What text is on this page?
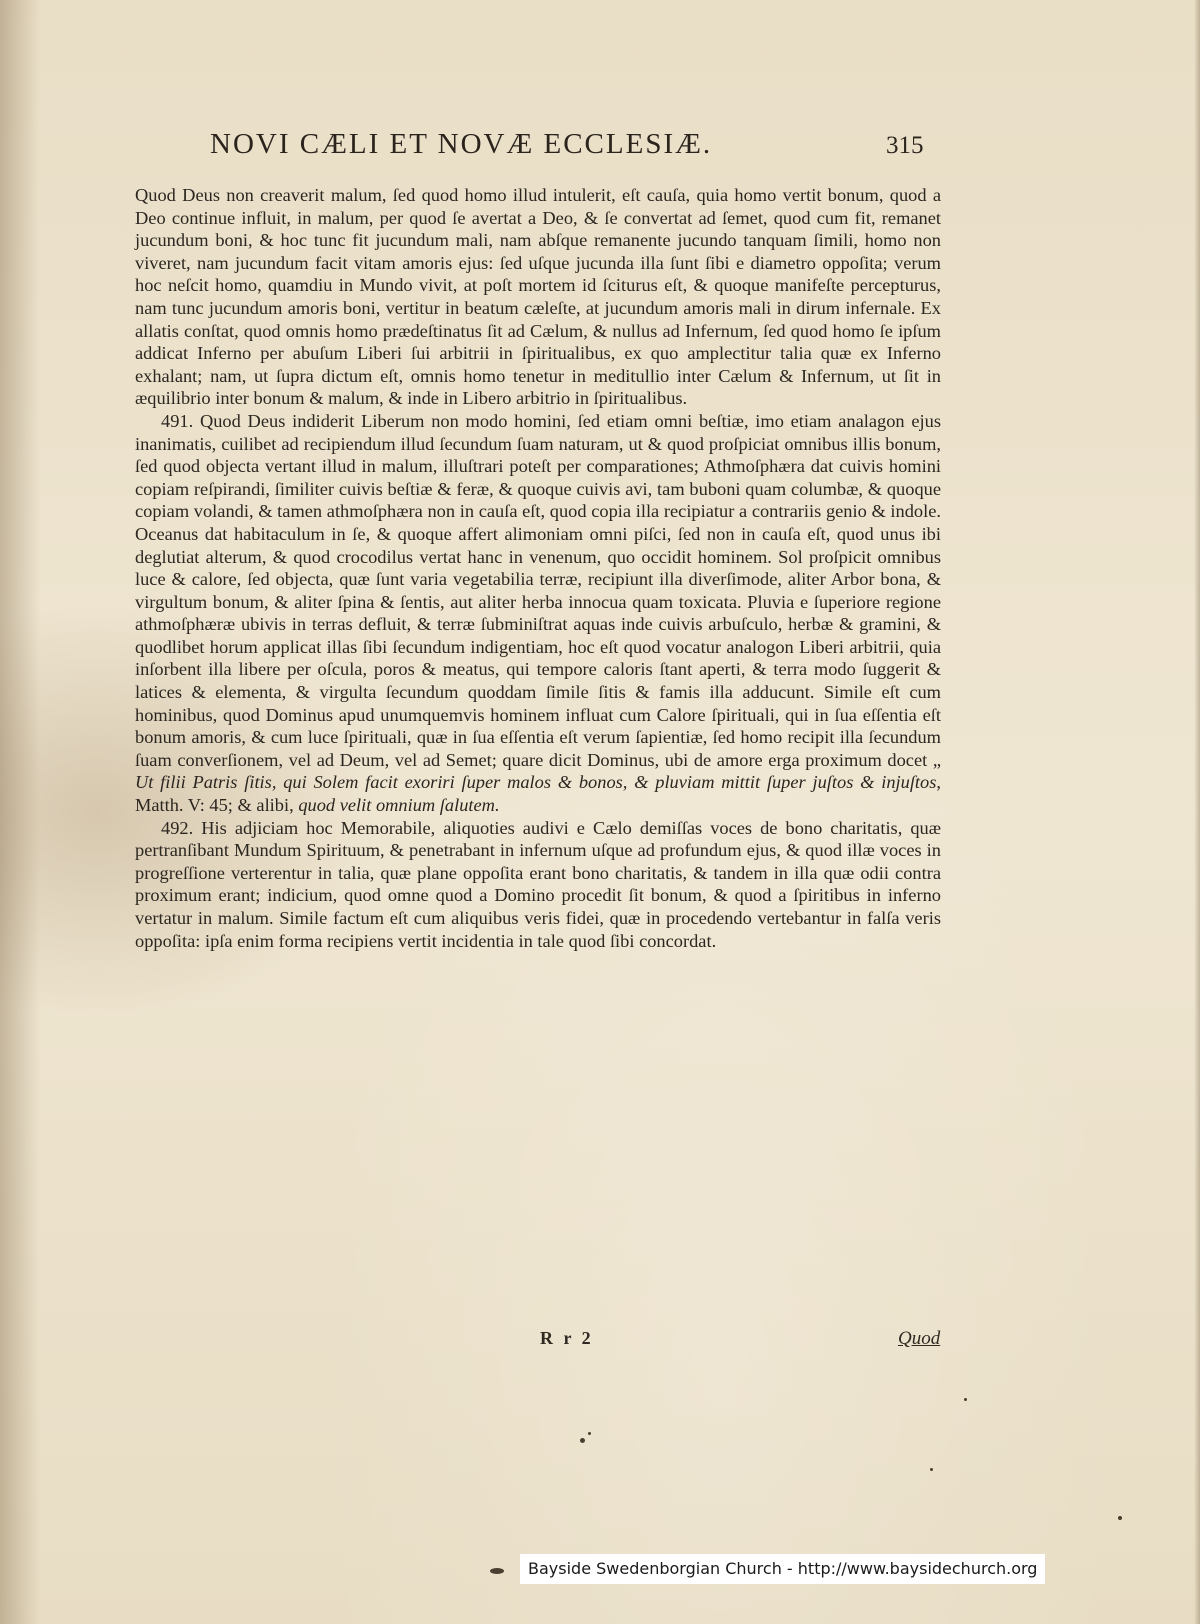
NOVI CÆLI ET NOVÆ ECCLESIÆ.	315

Quod Deus non creaverit malum, ſed quod homo illud intulerit, eſt cauſa, quia homo vertit bonum, quod a Deo continue influit, in malum, per quod ſe avertat a Deo, & ſe convertat ad ſemet, quod cum fit, remanet jucundum boni, & hoc tunc fit jucundum mali, nam abſque remanente jucundo tanquam ſimili, homo non viveret, nam jucundum facit vitam amoris ejus: ſed uſque jucunda illa ſunt ſibi e diametro oppoſita; verum hoc neſcit homo, quamdiu in Mundo vivit, at poſt mortem id ſciturus eſt, & quoque manifeſte percepturus, nam tunc jucundum amoris boni, vertitur in beatum cæleſte, at jucundum amoris mali in dirum infernale. Ex allatis conſtat, quod omnis homo prædeſtinatus ſit ad Cælum, & nullus ad Infernum, ſed quod homo ſe ipſum addicat Inferno per abuſum Liberi ſui arbitrii in ſpiritualibus, ex quo amplectitur talia quæ ex Inferno exhalant; nam, ut ſupra dictum eſt, omnis homo tenetur in meditullio inter Cælum & Infernum, ut ſit in æquilibrio inter bonum & malum, & inde in Libero arbitrio in ſpiritualibus.

491. Quod Deus indiderit Liberum non modo homini, ſed etiam omni beſtiæ, imo etiam analagon ejus inanimatis, cuilibet ad recipiendum illud ſecundum ſuam naturam, ut & quod proſpiciat omnibus illis bonum, ſed quod objecta vertant illud in malum, illuſtrari poteſt per comparationes; Athmoſphæra dat cuivis homini copiam reſpirandi, ſimiliter cuivis beſtiæ & feræ, & quoque cuivis avi, tam buboni quam columbæ, & quoque copiam volandi, & tamen athmoſphæra non in cauſa eſt, quod copia illa recipiatur a contrariis genio & indole. Oceanus dat habitaculum in ſe, & quoque affert alimoniam omni piſci, ſed non in cauſa eſt, quod unus ibi deglutiat alterum, & quod crocodilus vertat hanc in venenum, quo occidit hominem. Sol proſpicit omnibus luce & calore, ſed objecta, quæ ſunt varia vegetabilia terræ, recipiunt illa diverſimode, aliter Arbor bona, & virgultum bonum, & aliter ſpina & ſentis, aut aliter herba innocua quam toxicata. Pluvia e ſuperiore regione athmoſphæræ ubivis in terras defluit, & terræ ſubminiſtrat aquas inde cuivis arbuſculo, herbæ & gramini, & quodlibet horum applicat illas ſibi ſecundum indigentiam, hoc eſt quod vocatur analogon Liberi arbitrii, quia inſorbent illa libere per oſcula, poros & meatus, qui tempore caloris ſtant aperti, & terra modo ſuggerit & latices & elementa, & virgulta ſecundum quoddam ſimile ſitis & famis illa adducunt. Simile eſt cum hominibus, quod Dominus apud unumquemvis hominem influat cum Calore ſpirituali, qui in ſua eſſentia eſt bonum amoris, & cum luce ſpirituali, quæ in ſua eſſentia eſt verum ſapientiæ, ſed homo recipit illa ſecundum ſuam converſionem, vel ad Deum, vel ad Semet; quare dicit Dominus, ubi de amore erga proximum docet „ Ut filii Patris ſitis, qui Solem facit exoriri ſuper malos & bonos, & pluviam mittit ſuper juſtos & injuſtos, Matth. V: 45; & alibi, quod velit omnium ſalutem.

492. His adjiciam hoc Memorabile, aliquoties audivi e Cælo demiſſas voces de bono charitatis, quæ pertranſibant Mundum Spirituum, & penetrabant in infernum uſque ad profundum ejus, & quod illæ voces in progreſſione verterentur in talia, quæ plane oppoſita erant bono charitatis, & tandem in illa quæ odii contra proximum erant; indicium, quod omne quod a Domino procedit ſit bonum, & quod a ſpiritibus in inferno vertatur in malum. Simile factum eſt cum aliquibus veris fidei, quæ in procedendo vertebantur in falſa veris oppoſita: ipſa enim forma recipiens vertit incidentia in tale quod ſibi concordat.

R r 2	Quod
Bayside Swedenborgian Church - http://www.baysidechurch.org
